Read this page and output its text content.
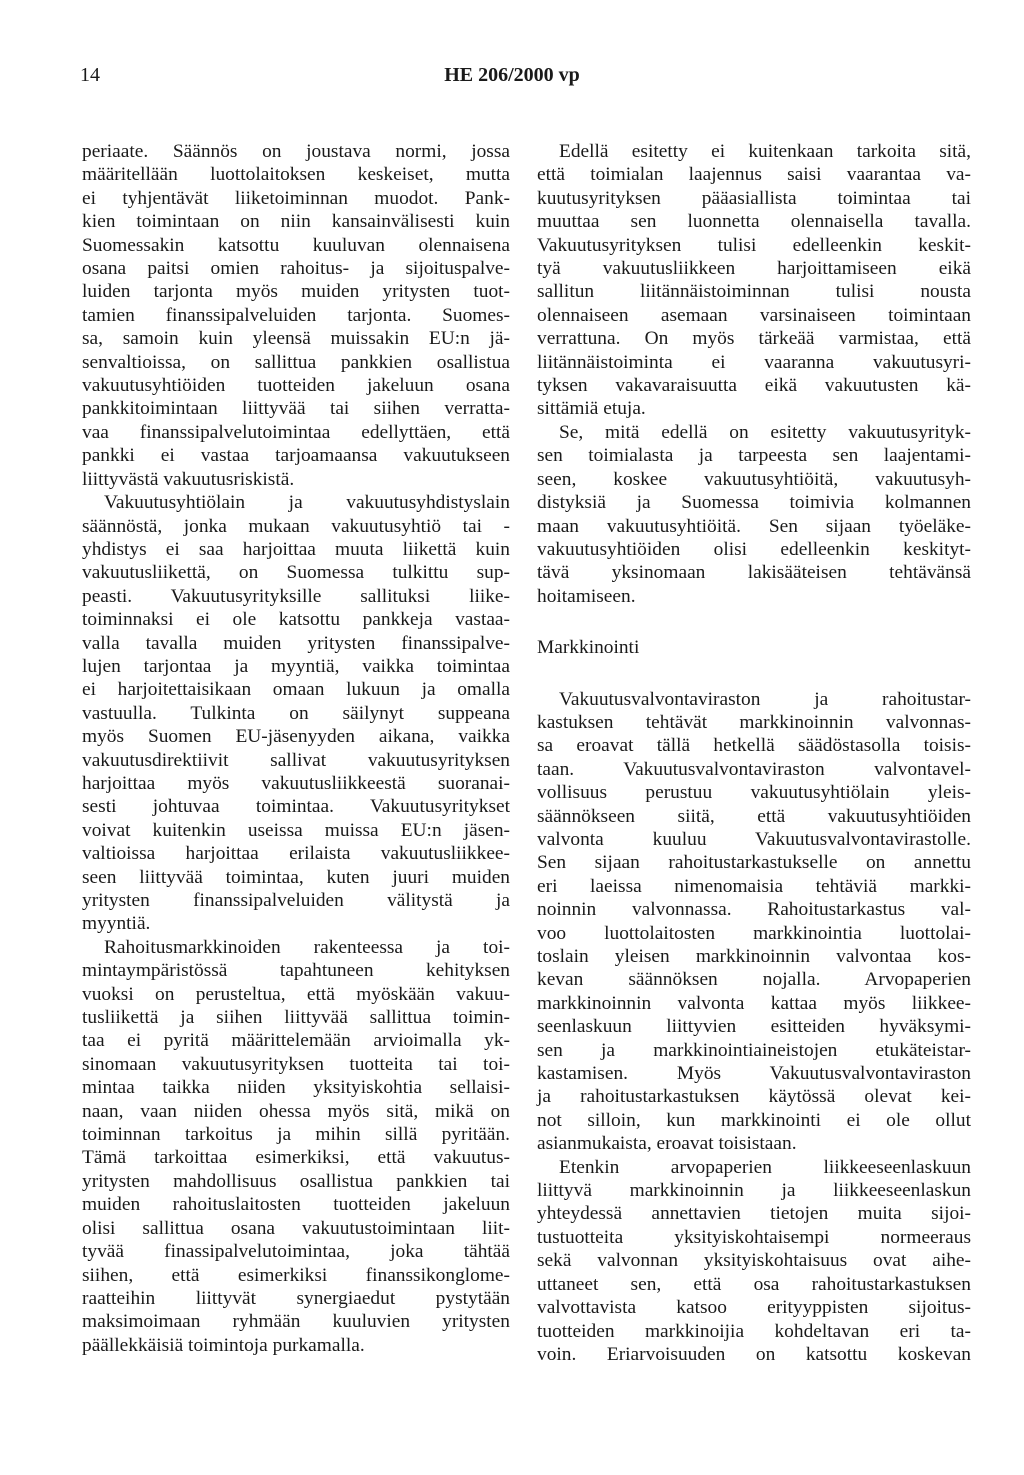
14	HE 206/2000 vp
periaate. Säännös on joustava normi, jossa
määritellään luottolaitoksen keskeiset, mutta
ei tyhjentävät liiketoiminnan muodot. Pank-
kien toimintaan on niin kansainvälisesti kuin
Suomessakin katsottu kuuluvan olennaisena
osana paitsi omien rahoitus- ja sijoituspalve-
luiden tarjonta myös muiden yritysten tuot-
tamien finanssipalveluiden tarjonta. Suomes-
sa, samoin kuin yleensä muissakin EU:n jä-
senvaltioissa, on sallittua pankkien osallistua
vakuutusyhtiöiden tuotteiden jakeluun osana
pankkitoimintaan liittyvää tai siihen verratta-
vaa finanssipalvelutoimintaa edellyttäen, että
pankki ei vastaa tarjoamaansa vakuutukseen
liittyvästä vakuutusriskistä.
Vakuutusyhtiölain ja vakuutusyhdistyslain
säännöstä, jonka mukaan vakuutusyhtiö tai -
yhdistys ei saa harjoittaa muuta liikettä kuin
vakuutusliikettä, on Suomessa tulkittu sup-
peasti. Vakuutusyrityksille sallituksi liike-
toiminnaksi ei ole katsottu pankkeja vastaa-
valla tavalla muiden yritysten finanssipalve-
lujen tarjontaa ja myyntiä, vaikka toimintaa
ei harjoitettaisikaan omaan lukuun ja omalla
vastuulla. Tulkinta on säilynyt suppeana
myös Suomen EU-jäsenyyden aikana, vaikka
vakuutusdirektiivit sallivat vakuutusyrityksen
harjoittaa myös vakuutusliikkeestä suoranai-
sesti johtuvaa toimintaa. Vakuutusyritykset
voivat kuitenkin useissa muissa EU:n jäsen-
valtioissa harjoittaa erilaista vakuutusliikkee-
seen liittyvää toimintaa, kuten juuri muiden
yritysten finanssipalveluiden välitystä ja
myyntiä.
Rahoitusmarkkinoiden rakenteessa ja toi-
mintaympäristössä tapahtuneen kehityksen
vuoksi on perusteltua, että myöskään vakuu-
tusliikettä ja siihen liittyvää sallittua toimin-
taa ei pyritä määrittelemään arvioimalla yk-
sinomaan vakuutusyrityksen tuotteita tai toi-
mintaa taikka niiden yksityiskohtia sellaisi-
naan, vaan niiden ohessa myös sitä, mikä on
toiminnan tarkoitus ja mihin sillä pyritään.
Tämä tarkoittaa esimerkiksi, että vakuutus-
yritysten mahdollisuus osallistua pankkien tai
muiden rahoituslaitosten tuotteiden jakeluun
olisi sallittua osana vakuutustoimintaan liit-
tyvää finassipalvelutoimintaa, joka tähtää
siihen, että esimerkiksi finanssikonglome-
raatteihin liittyvät synergiaedut pystytään
maksimoimaan ryhmään kuuluvien yritysten
päällekkäisiä toimintoja purkamalla.
Edellä esitetty ei kuitenkaan tarkoita sitä,
että toimialan laajennus saisi vaarantaa va-
kuutusyrityksen pääasiallista toimintaa tai
muuttaa sen luonnetta olennaisella tavalla.
Vakuutusyrityksen tulisi edelleenkin keskit-
tyä vakuutusliikkeen harjoittamiseen eikä
sallitun liitännäistoiminnan tulisi nousta
olennaiseen asemaan varsinaiseen toimintaan
verrattuna. On myös tärkeää varmistaa, että
liitännäistoiminta ei vaaranna vakuutusyri-
tyksen vakavaraisuutta eikä vakuutusten kä-
sittämiä etuja.
Se, mitä edellä on esitetty vakuutusyrityk-
sen toimialasta ja tarpeesta sen laajentami-
seen, koskee vakuutusyhtiöitä, vakuutusyh-
distyksiä ja Suomessa toimivia kolmannen
maan vakuutusyhtiöitä. Sen sijaan työeläke-
vakuutusyhtiöiden olisi edelleenkin keskityt-
tävä yksinomaan lakisääteisen tehtävänsä
hoitamiseen.
Markkinointi
Vakuutusvalvontaviraston ja rahoitustar-
kastuksen tehtävät markkinoinnin valvonnas-
sa eroavat tällä hetkellä säädöstasolla toisis-
taan. Vakuutusvalvontaviraston valvontavel-
vollisuus perustuu vakuutusyhtiölain yleis-
säännökseen siitä, että vakuutusyhtiöiden
valvonta kuuluu Vakuutusvalvontavirastolle.
Sen sijaan rahoitustarkastukselle on annettu
eri laeissa nimenomaisia tehtäviä markki-
noinnin valvonnassa. Rahoitustarkastus val-
voo luottolaitosten markkinointia luottolai-
toslain yleisen markkinoinnin valvontaa kos-
kevan säännöksen nojalla. Arvopaperien
markkinoinnin valvonta kattaa myös liikkee-
seenlaskuun liittyvien esitteiden hyväksymi-
sen ja markkinointiaineistojen etukäteistar-
kastamisen. Myös Vakuutusvalvontaviraston
ja rahoitustarkastuksen käytössä olevat kei-
not silloin, kun markkinointi ei ole ollut
asianmukaista, eroavat toisistaan.
Etenkin arvopaperien liikkeeseenlaskuun
liittyvä markkinoinnin ja liikkeeseenlaskun
yhteydessä annettavien tietojen muita sijoi-
tustuotteita yksityiskohtaisempi normeeraus
sekä valvonnan yksityiskohtaisuus ovat aihe-
uttaneet sen, että osa rahoitustarkastuksen
valvottavista katsoo erityyppisten sijoitus-
tuotteiden markkinoijia kohdeltavan eri ta-
voin. Eriarvoisuuden on katsottu koskevan
